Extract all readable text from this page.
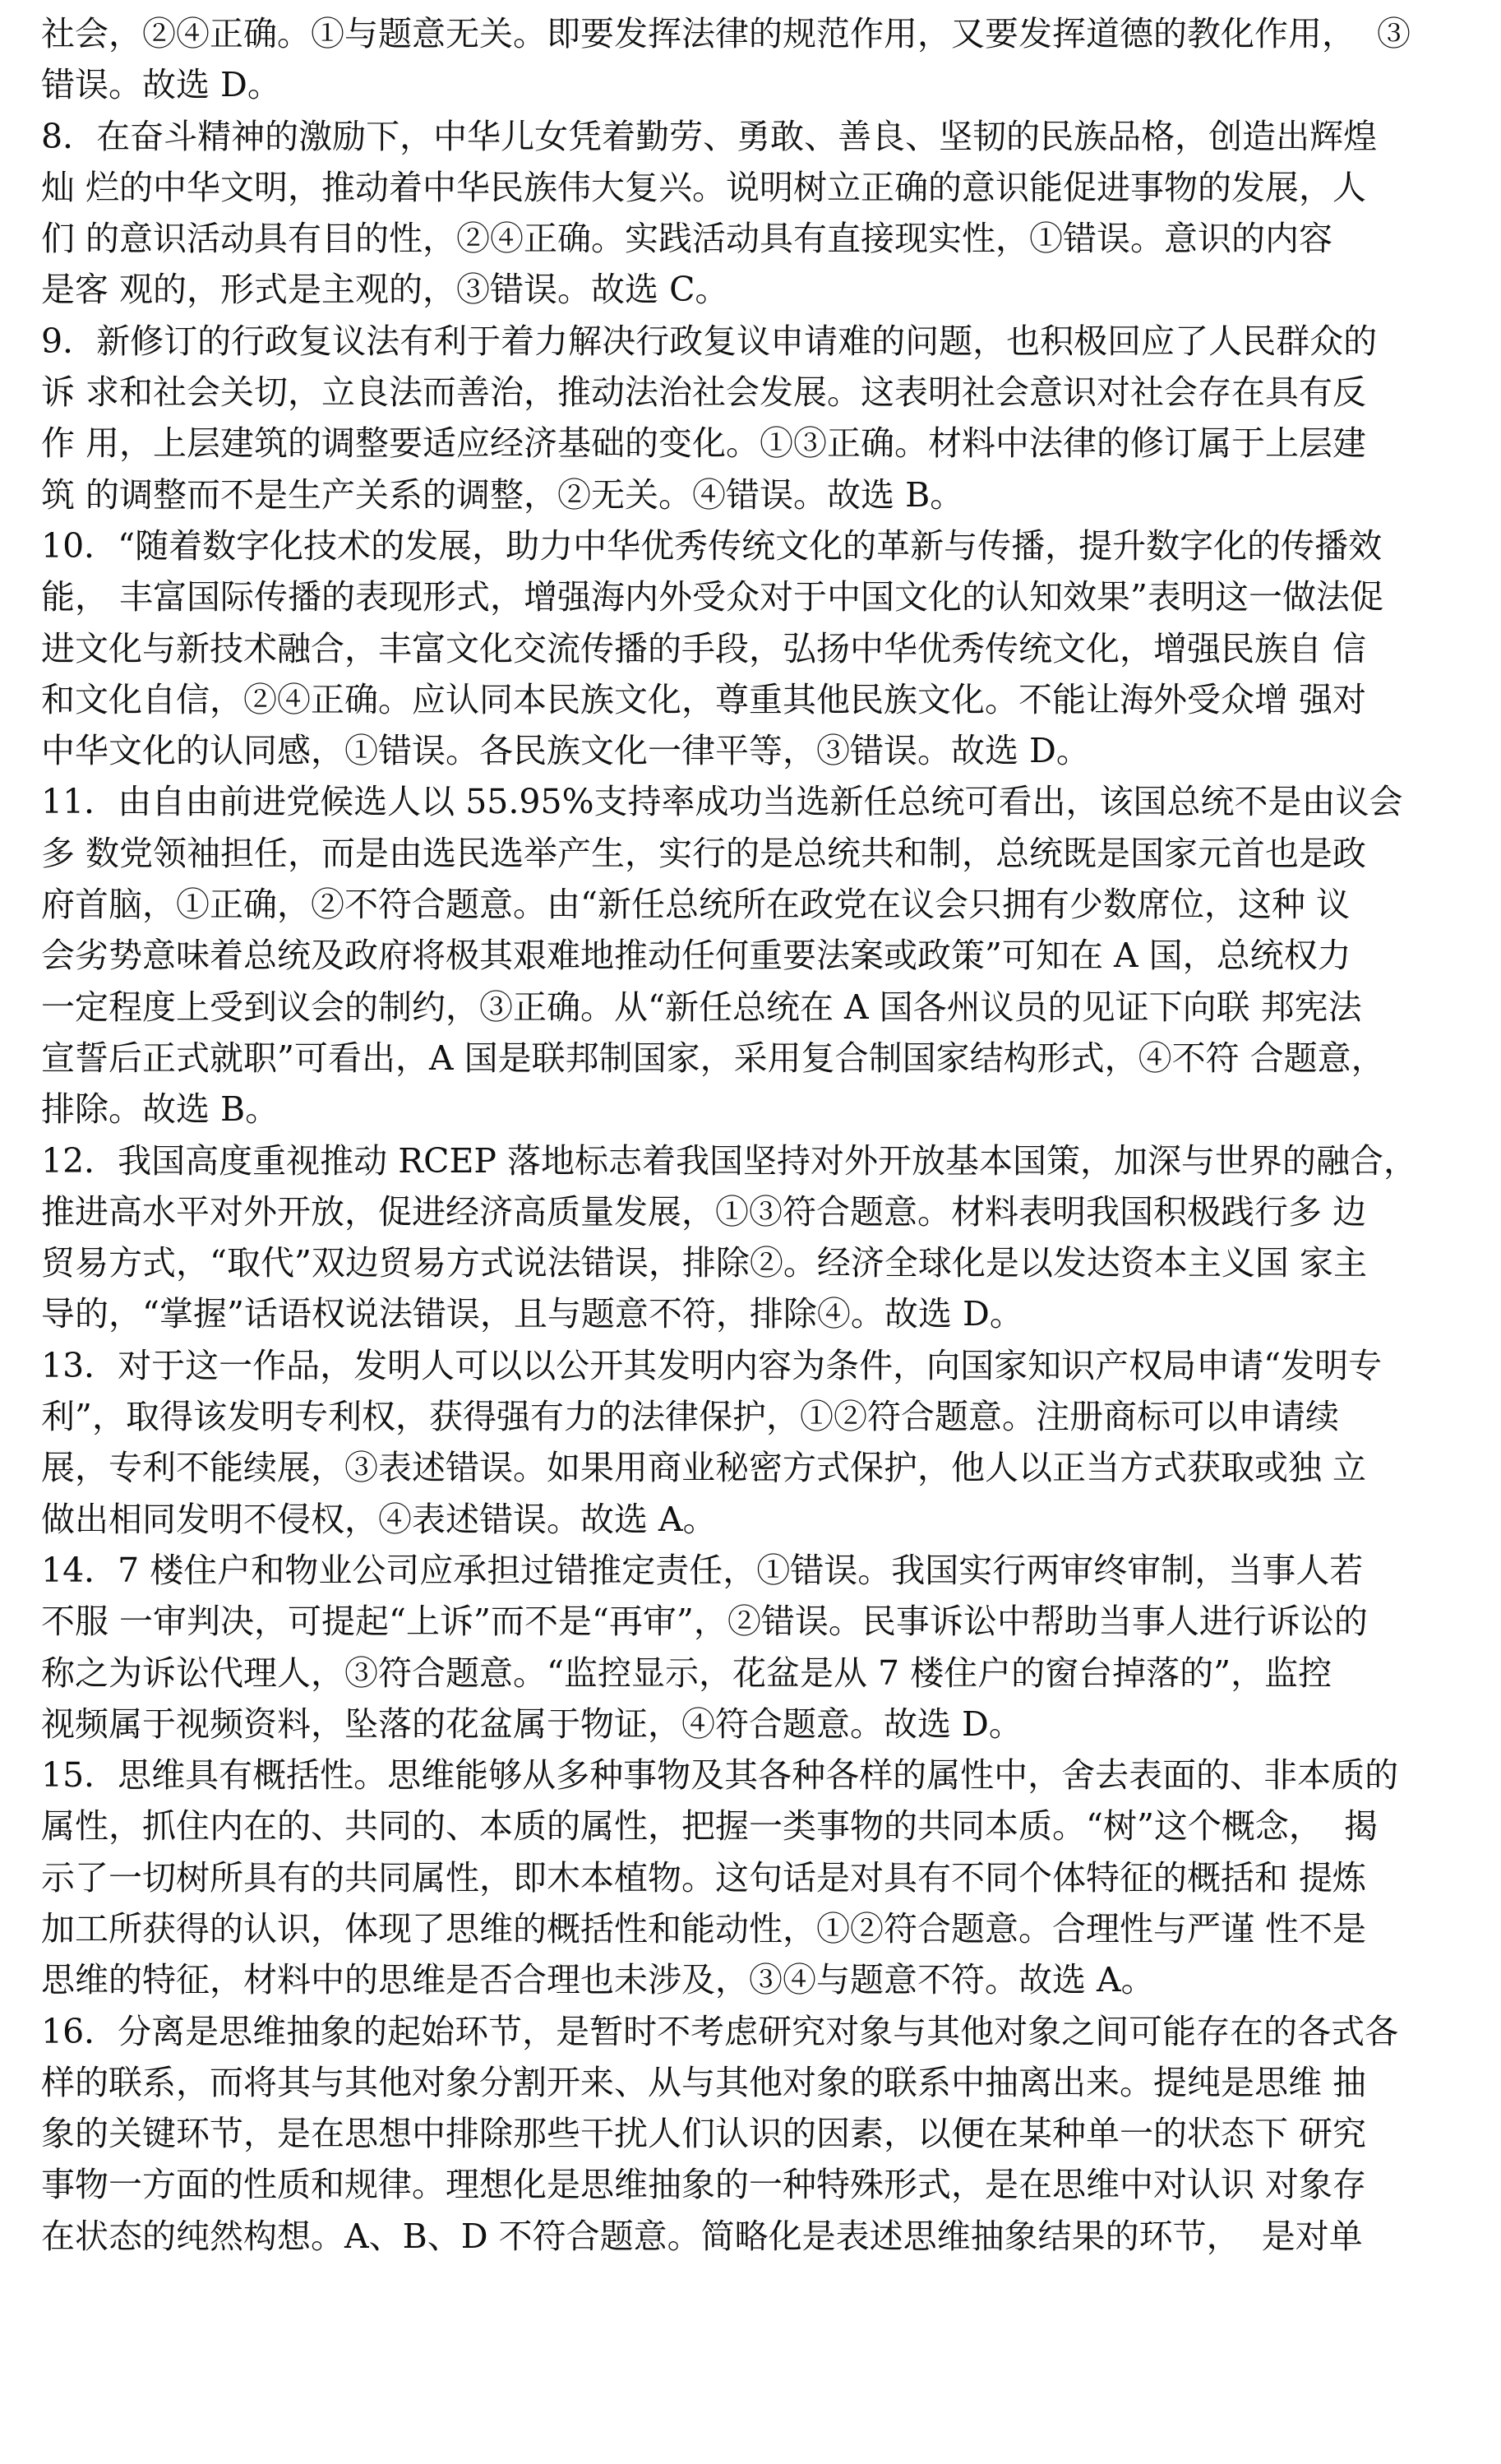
社会，②④正确。①与题意无关。即要发挥法律的规范作用，又要发挥道德的教化作用，  ③
错误。故选 D。
8．在奋斗精神的激励下，中华儿女凭着勤劳、勇敢、善良、坚韧的民族品格，创造出辉煌
灿 烂的中华文明，推动着中华民族伟大复兴。说明树立正确的意识能促进事物的发展，人
们 的意识活动具有目的性，②④正确。实践活动具有直接现实性，①错误。意识的内容
是客 观的，形式是主观的，③错误。故选 C。
9．新修订的行政复议法有利于着力解决行政复议申请难的问题，也积极回应了人民群众的
诉 求和社会关切，立良法而善治，推动法治社会发展。这表明社会意识对社会存在具有反
作 用，上层建筑的调整要适应经济基础的变化。①③正确。材料中法律的修订属于上层建
筑 的调整而不是生产关系的调整，②无关。④错误。故选 B。
10．“随着数字化技术的发展，助力中华优秀传统文化的革新与传播，提升数字化的传播效
能， 丰富国际传播的表现形式，增强海内外受众对于中国文化的认知效果”表明这一做法促
进文化与新技术融合，丰富文化交流传播的手段，弘扬中华优秀传统文化，增强民族自 信
和文化自信，②④正确。应认同本民族文化，尊重其他民族文化。不能让海外受众增 强对
中华文化的认同感，①错误。各民族文化一律平等，③错误。故选 D。
11．由自由前进党候选人以 55.95%支持率成功当选新任总统可看出，该国总统不是由议会
多 数党领袖担任，而是由选民选举产生，实行的是总统共和制，总统既是国家元首也是政
府首脑，①正确，②不符合题意。由“新任总统所在政党在议会只拥有少数席位，这种 议
会劣势意味着总统及政府将极其艰难地推动任何重要法案或政策”可知在 A 国，总统权力
一定程度上受到议会的制约，③正确。从“新任总统在 A 国各州议员的见证下向联 邦宪法
宣誓后正式就职”可看出，A 国是联邦制国家，采用复合制国家结构形式，④不符 合题意，
排除。故选 B。
12．我国高度重视推动 RCEP 落地标志着我国坚持对外开放基本国策，加深与世界的融合，
推进高水平对外开放，促进经济高质量发展，①③符合题意。材料表明我国积极践行多 边
贸易方式，“取代”双边贸易方式说法错误，排除②。经济全球化是以发达资本主义国 家主
导的，“掌握”话语权说法错误，且与题意不符，排除④。故选 D。
13．对于这一作品，发明人可以以公开其发明内容为条件，向国家知识产权局申请“发明专
利”，取得该发明专利权，获得强有力的法律保护，①②符合题意。注册商标可以申请续
展，专利不能续展，③表述错误。如果用商业秘密方式保护，他人以正当方式获取或独 立
做出相同发明不侵权，④表述错误。故选 A。
14．7 楼住户和物业公司应承担过错推定责任，①错误。我国实行两审终审制，当事人若
不服 一审判决，可提起“上诉”而不是“再审”，②错误。民事诉讼中帮助当事人进行诉讼的
称之为诉讼代理人，③符合题意。“监控显示，花盆是从 7 楼住户的窗台掉落的”，监控
视频属于视频资料，坠落的花盆属于物证，④符合题意。故选 D。
15．思维具有概括性。思维能够从多种事物及其各种各样的属性中，舍去表面的、非本质的
属性，抓住内在的、共同的、本质的属性，把握一类事物的共同本质。“树”这个概念，  揭
示了一切树所具有的共同属性，即木本植物。这句话是对具有不同个体特征的概括和 提炼
加工所获得的认识，体现了思维的概括性和能动性，①②符合题意。合理性与严谨 性不是
思维的特征，材料中的思维是否合理也未涉及，③④与题意不符。故选 A。
16．分离是思维抽象的起始环节，是暂时不考虑研究对象与其他对象之间可能存在的各式各
样的联系，而将其与其他对象分割开来、从与其他对象的联系中抽离出来。提纯是思维 抽
象的关键环节，是在思想中排除那些干扰人们认识的因素，以便在某种单一的状态下 研究
事物一方面的性质和规律。理想化是思维抽象的一种特殊形式，是在思维中对认识 对象存
在状态的纯然构想。A、B、D 不符合题意。简略化是表述思维抽象结果的环节，  是对单
